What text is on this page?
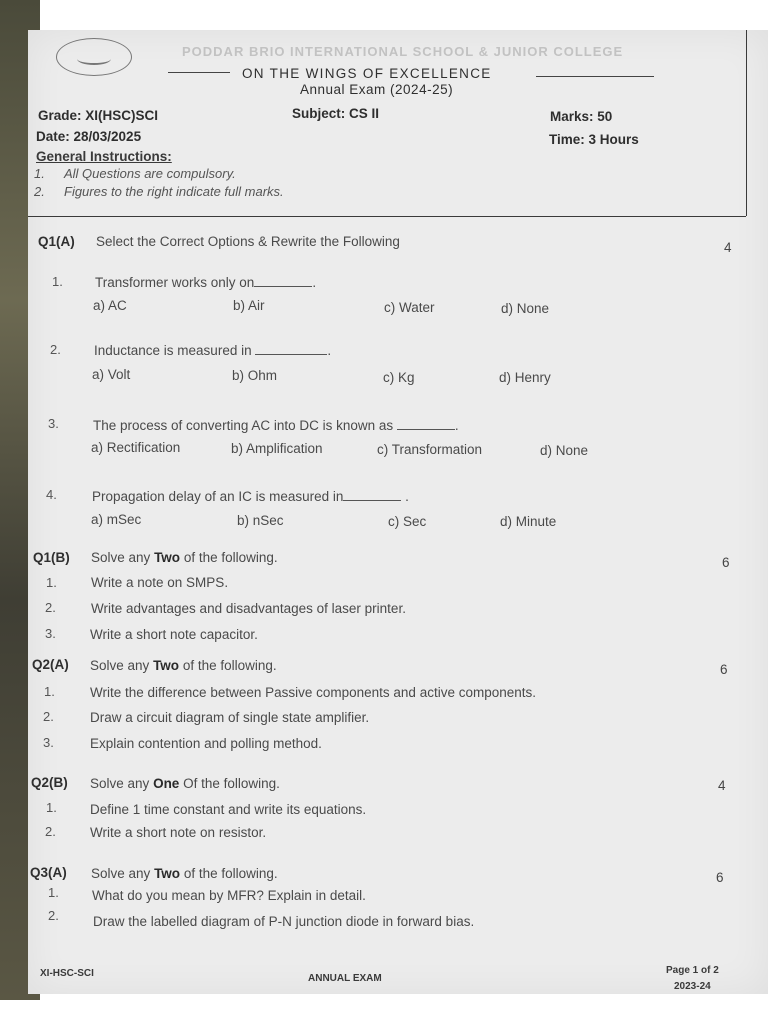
PODDAR BRIO INTERNATIONAL SCHOOL & JUNIOR COLLEGE
ON THE WINGS OF EXCELLENCE
Annual Exam (2024-25)
Grade: XI(HSC)SCI	Subject: CS II	Marks: 50
Date: 28/03/2025	Time: 3 Hours
General Instructions:
1. All Questions are compulsory.
2. Figures to the right indicate full marks.
Q1(A) Select the Correct Options & Rewrite the Following	4
1. Transformer works only on	.
a) AC	b) Air	c) Water	d) None
2. Inductance is measured in	.
a) Volt	b) Ohm	c) Kg	d) Henry
3.	The process of converting AC into DC is known as	.
a) Rectification	b) Amplification	c) Transformation	d) None
4.	Propagation delay of an IC is measured in	.
a) mSec	b) nSec	c) Sec	d) Minute
Q1(B) Solve any Two of the following.	6
1.	Write a note on SMPS.
2.	Write advantages and disadvantages of laser printer.
3.	Write a short note capacitor.
Q2(A) Solve any Two of the following.	6
1.	Write the difference between Passive components and active components.
2.	Draw a circuit diagram of single state amplifier.
3.	Explain contention and polling method.
Q2(B) Solve any One Of the following.	4
1. Define 1 time constant and write its equations.
2.	Write a short note on resistor.
Q3(A) Solve any Two of the following.	6
1. What do you mean by MFR? Explain in detail.
2.	Draw the labelled diagram of P-N junction diode in forward bias.
XI-HSC-SCI	ANNUAL EXAM
Page 1 of 2
2023-24
